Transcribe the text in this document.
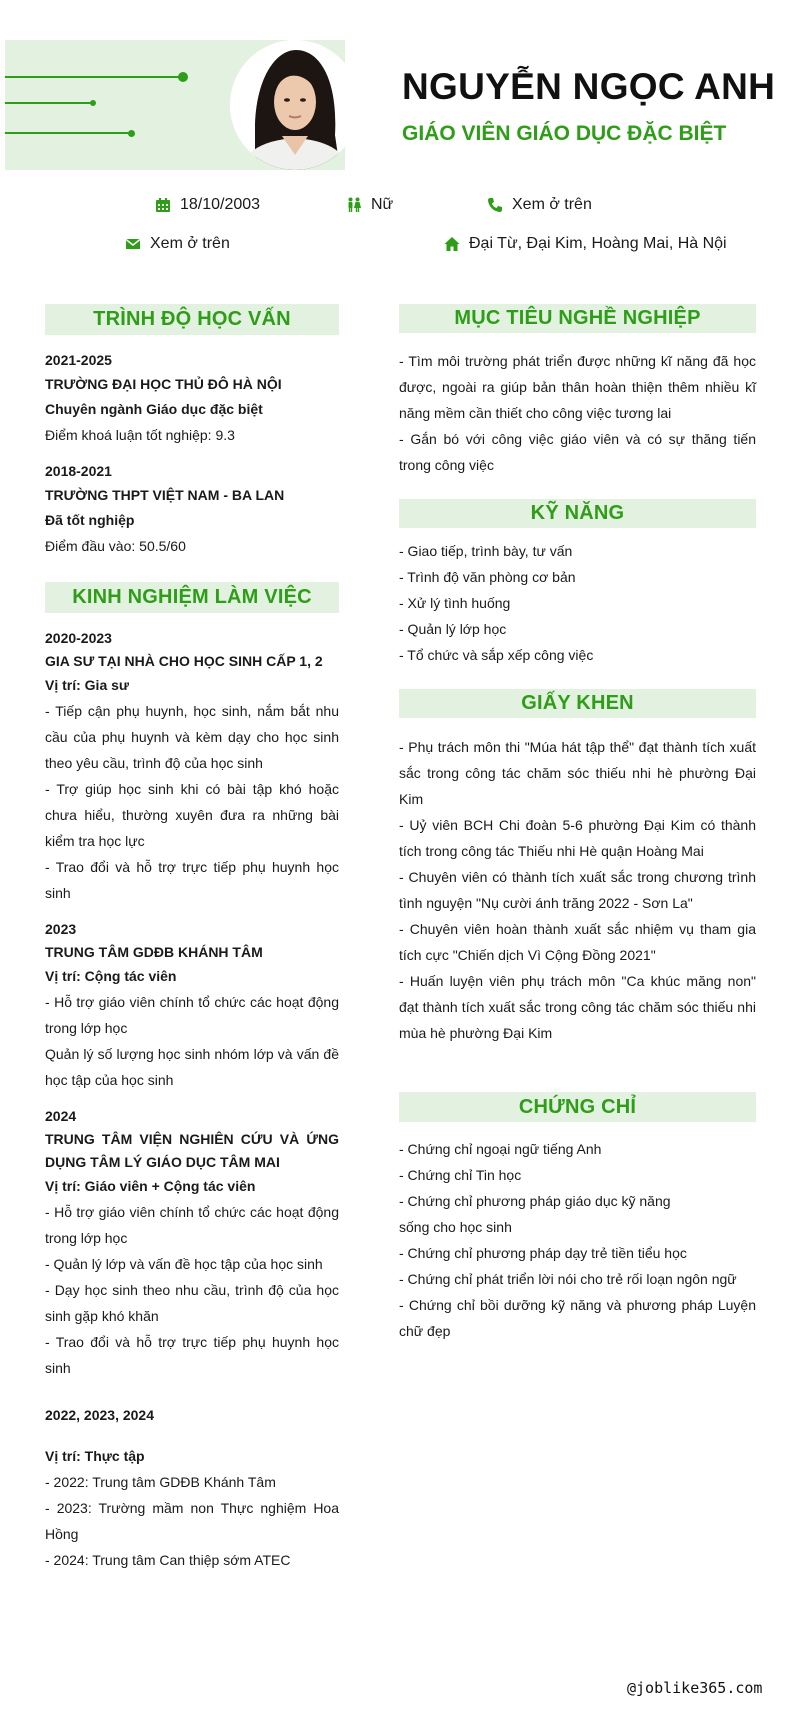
NGUYỄN NGỌC ANH
GIÁO VIÊN GIÁO DỤC ĐẶC BIỆT
18/10/2003	Nữ	Xem ở trên
Xem ở trên	Đại Từ, Đại Kim, Hoàng Mai, Hà Nội
TRÌNH ĐỘ HỌC VẤN
2021-2025
TRƯỜNG ĐẠI HỌC THỦ ĐÔ HÀ NỘI
Chuyên ngành Giáo dục đặc biệt
Điểm khoá luận tốt nghiệp: 9.3
2018-2021
TRƯỜNG THPT VIỆT NAM - BA LAN
Đã tốt nghiệp
Điểm đầu vào: 50.5/60
KINH NGHIỆM LÀM VIỆC
2020-2023
GIA SƯ TẠI NHÀ CHO HỌC SINH CẤP 1, 2
Vị trí: Gia sư

- Tiếp cận phụ huynh, học sinh, nắm bắt nhu cầu của phụ huynh và kèm dạy cho học sinh theo yêu cầu, trình độ của học sinh

- Trợ giúp học sinh khi có bài tập khó hoặc chưa hiểu, thường xuyên đưa ra những bài kiểm tra học lực

- Trao đổi và hỗ trợ trực tiếp phụ huynh học sinh

2023
TRUNG TÂM GDĐB KHÁNH TÂM
Vị trí: Cộng tác viên

- Hỗ trợ giáo viên chính tổ chức các hoạt động trong lớp học

Quản lý số lượng học sinh nhóm lớp và vấn đề học tập của học sinh

2024

TRUNG TÂM VIỆN NGHIÊN CỨU VÀ ỨNG DỤNG TÂM LÝ GIÁO DỤC TÂM MAI

Vị trí: Giáo viên + Cộng tác viên

- Hỗ trợ giáo viên chính tổ chức các hoạt động trong lớp học

- Quản lý lớp và vấn đề học tập của học sinh

- Dạy học sinh theo nhu cầu, trình độ của học sinh gặp khó khăn

- Trao đổi và hỗ trợ trực tiếp phụ huynh học sinh

2022, 2023, 2024
Vị trí: Thực tập

- 2022: Trung tâm GDĐB Khánh Tâm

- 2023: Trường mầm non Thực nghiệm Hoa Hồng

- 2024: Trung tâm Can thiệp sớm ATEC

MỤC TIÊU NGHỀ NGHIỆP

- Tìm môi trường phát triển được những kĩ năng đã học được, ngoài ra giúp bản thân hoàn thiện thêm nhiều kĩ năng mềm cần thiết cho công việc tương lai

- Gắn bó với công việc giáo viên và có sự thăng tiến trong công việc

KỸ NĂNG

- Giao tiếp, trình bày, tư vấn

- Trình độ văn phòng cơ bản

- Xử lý tình huống

- Quản lý lớp học

- Tổ chức và sắp xếp công việc

GIẤY KHEN

- Phụ trách môn thi "Múa hát tập thể" đạt thành tích xuất sắc trong công tác chăm sóc thiếu nhi hè phường Đại Kim

- Uỷ viên BCH Chi đoàn 5-6 phường Đại Kim có thành tích trong công tác Thiếu nhi Hè quận Hoàng Mai

- Chuyên viên có thành tích xuất sắc trong chương trình tình nguyện "Nụ cười ánh trăng 2022 - Sơn La"

- Chuyên viên hoàn thành xuất sắc nhiệm vụ tham gia tích cực "Chiến dịch Vì Cộng Đồng 2021"

- Huấn luyện viên phụ trách môn "Ca khúc măng non" đạt thành tích xuất sắc trong công tác chăm sóc thiếu nhi mùa hè phường Đại Kim

CHỨNG CHỈ

- Chứng chỉ ngoại ngữ tiếng Anh

- Chứng chỉ Tin học

- Chứng chỉ phương pháp giáo dục kỹ năng

sống cho học sinh

- Chứng chỉ phương pháp dạy trẻ tiền tiểu học

- Chứng chỉ phát triển lời nói cho trẻ rối loạn ngôn ngữ

- Chứng chỉ bồi dưỡng kỹ năng và phương pháp Luyện chữ đẹp

@joblike365.com
